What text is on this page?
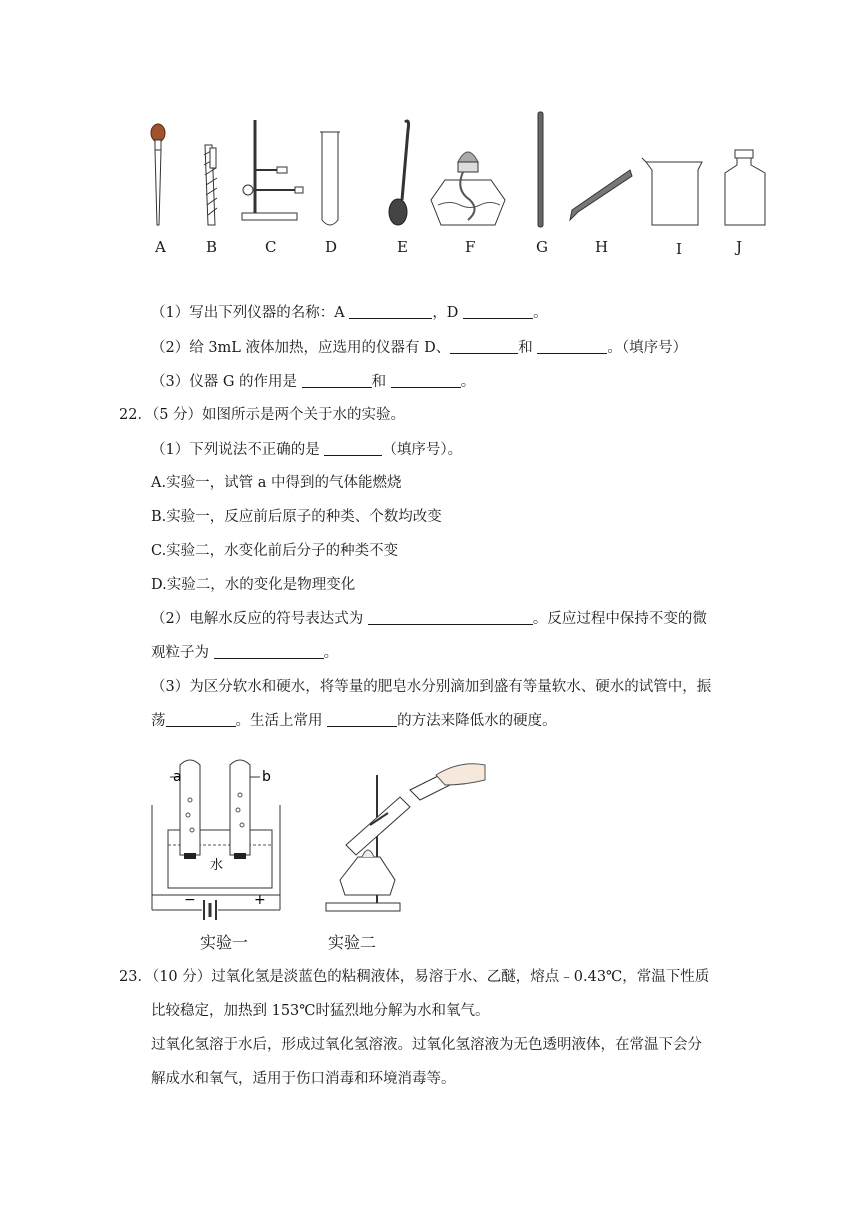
A	B	C	D	E	F	G	H	I	J
（1）写出下列仪器的名称：A	，D	。
（2）给 3mL 液体加热，应选用的仪器有 D、	和	。（填序号）
（3）仪器 G 的作用是	和	。
22．（5 分）如图所示是两个关于水的实验。
（1）下列说法不正确的是	（填序号）。
A.实验一，试管 a 中得到的气体能燃烧
B.实验一，反应前后原子的种类、个数均改变
C.实验二，水变化前后分子的种类不变
D.实验二，水的变化是物理变化
（2）电解水反应的符号表达式为	。反应过程中保持不变的微
观粒子为	。
（3）为区分软水和硬水，将等量的肥皂水分别滴加到盛有等量软水、硬水的试管中，振
荡	。生活上常用	的方法来降低水的硬度。
a	b
水
−	+
实验一	实验二
23．（10 分）过氧化氢是淡蓝色的粘稠液体，易溶于水、乙醚，熔点﹣0.43℃，常温下性质
比较稳定，加热到 153℃时猛烈地分解为水和氧气。
过氧化氢溶于水后，形成过氧化氢溶液。过氧化氢溶液为无色透明液体，在常温下会分
解成水和氧气，适用于伤口消毒和环境消毒等。
